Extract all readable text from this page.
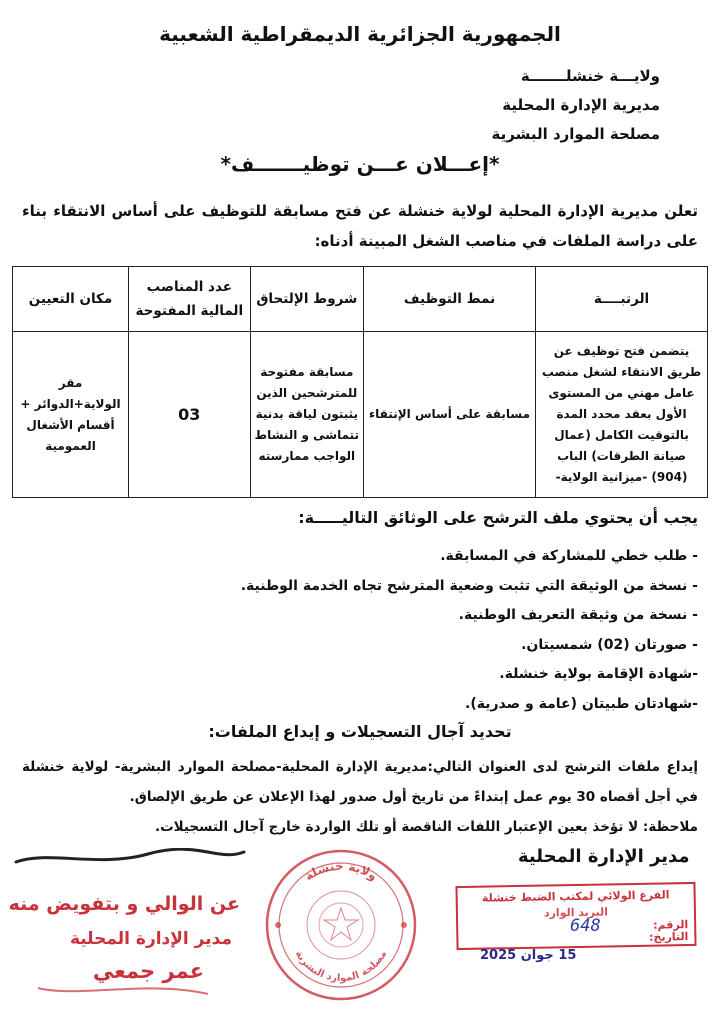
الجمهورية الجزائرية الديمقراطية الشعبية
ولايـــة خنشلـــــــة
مديرية الإدارة المحلية
مصلحة الموارد البشرية
*إعـــلان عـــن توظيـــــــف*
تعلن مديرية الإدارة المحلية لولاية خنشلة عن فتح مسابقة للتوظيف على أساس الانتقاء بناء على دراسة الملفات في مناصب الشغل المبينة أدناه:
الرتبــــة	نمط التوظيف	شروط الإلتحاق	عدد المناصب المالية المفتوحة	مكان التعيين
يتضمن فتح توظيف عن طريق الانتقاء لشغل منصب عامل مهني من المستوى الأول بعقد محدد المدة بالتوقيت الكامل (عمال صيانة الطرقات) الباب (904) -ميزانية الولاية-	مسابقة على أساس الإنتقاء	مسابقة مفتوحة للمترشحين الذين يثبتون لياقة بدنية تتماشى و النشاط الواجب ممارسته	03	مقر الولاية+الدوائر + أقسام الأشغال العمومية
يجب أن يحتوي ملف الترشح على الوثائق التاليـــــة:
- طلب خطي للمشاركة في المسابقة.
- نسخة من الوثيقة التي تثبت وضعية المترشح تجاه الخدمة الوطنية.
- نسخة من وثيقة التعريف الوطنية.
- صورتان (02) شمسيتان.
-شهادة الإقامة بولاية خنشلة.
-شهادتان طبيتان (عامة و صدرية).
تحديد آجال التسجيلات و إيداع الملفات:
إيداع ملفات الترشح لدى العنوان التالي:مديرية الإدارة المحلية-مصلحة الموارد البشرية- لولاية خنشلة في أجل أقصاه 30 يوم عمل إبتداءً من تاريخ أول صدور لهذا الإعلان عن طريق الإلصاق.
ملاحظة: لا تؤخذ بعين الإعتبار اللفات الناقصة أو تلك الواردة خارج آجال التسجيلات.
مدير الإدارة المحلية
عن الوالي و بتفويض منه
مدير الإدارة المحلية
عمر جمعي
ولاية خنشلة
مصلحة الموارد البشرية
الفرع الولائي لمكتب الضبط خنشلة
البريد الوارد
الرقم:
التاريخ:
648
15 جوان 2025
